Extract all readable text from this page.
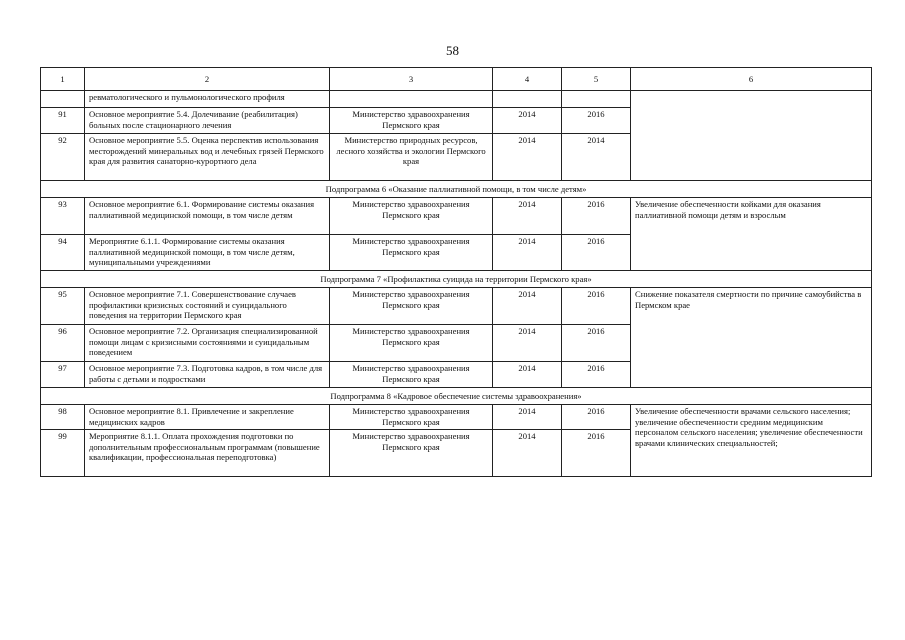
58
1	2	3	4	5	6
	ревматологического и пульмонологического профиля				
91	Основное мероприятие 5.4. Долечивание (реабилитация) больных после стационарного лечения	Министерство здравоохранения Пермского края	2014	2016	
92	Основное мероприятие 5.5. Оценка перспектив использования месторождений минеральных вод и лечебных грязей Пермского края для развития санаторно-курортного дела	Министерство природных ресурсов, лесного хозяйства и экологии Пермского края	2014	2014	
Подпрограмма 6 «Оказание паллиативной помощи, в том числе детям»					
93	Основное мероприятие 6.1. Формирование системы оказания паллиативной медицинской помощи, в том числе детям	Министерство здравоохранения Пермского края	2014	2016	Увеличение обеспеченности койками для оказания паллиативной помощи детям и взрослым
94	Мероприятие 6.1.1. Формирование системы оказания паллиативной медицинской помощи, в том числе детям, муниципальными учреждениями	Министерство здравоохранения Пермского края	2014	2016	
Подпрограмма 7 «Профилактика суицида на территории Пермского края»					
95	Основное мероприятие 7.1. Совершенствование случаев профилактики кризисных состояний и суицидального поведения на территории Пермского края	Министерство здравоохранения Пермского края	2014	2016	Снижение показателя смертности по причине самоубийства в Пермском крае
96	Основное мероприятие 7.2. Организация специализированной помощи лицам с кризисными состояниями и суицидальным поведением	Министерство здравоохранения Пермского края	2014	2016	
97	Основное мероприятие 7.3. Подготовка кадров, в том числе для работы с детьми и подростками	Министерство здравоохранения Пермского края	2014	2016	
Подпрограмма 8 «Кадровое обеспечение системы здравоохранения»					
98	Основное мероприятие 8.1. Привлечение и закрепление медицинских кадров	Министерство здравоохранения Пермского края	2014	2016	Увеличение обеспеченности врачами сельского населения; увеличение обеспеченности средним медицинским персоналом сельского населения; увеличение обеспеченности врачами клинических специальностей;
99	Мероприятие 8.1.1. Оплата прохождения подготовки по дополнительным профессиональным программам (повышение квалификации, профессиональная переподготовка)	Министерство здравоохранения Пермского края	2014	2016	
